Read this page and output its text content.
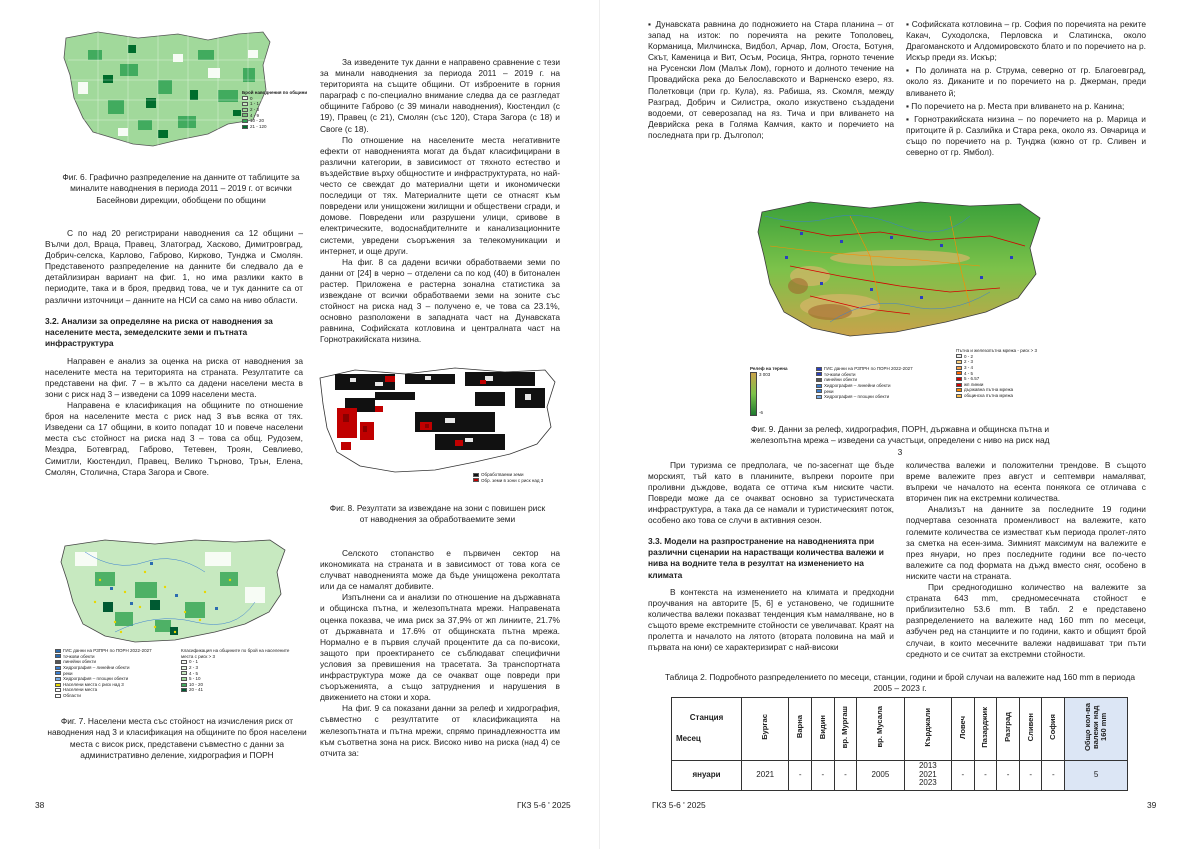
Брой наводнения по общини
0
1 - 1
2 - 3
4 - 9
10 - 20
21 - 120
Фиг. 6. Графично разпределение на данните от таблиците за миналите наводнения в периода 2011 – 2019 г. от всички Басейнови дирекции, обобщени по общини

С по над 20 регистрирани наводнения са 12 общини – Вълчи дол, Враца, Правец, Златоград, Хасково, Димитровград, Добрич-селска, Карлово, Габрово, Кирково, Тунджа и Смолян. Представеното разпределение на данните би следвало да е детайлизиран вариант на фиг. 1, но има разлики както в периодите, така и в броя, предвид това, че и тук данните са от различни източници – данните на НСИ са само на ниво области.

3.2. Анализи за определяне на риска от наводнения за населените места, земеделските земи и пътната инфраструктура

Направен е анализ за оценка на риска от наводнения за населените места на територията на страната. Резултатите са представени на фиг. 7 – в жълто са дадени населени места в зони с риск над 3 – изведени са 1099 населени места.

Направена е класификация на общините по отношение броя на населените места с риск над 3 във всяка от тях. Изведени са 17 общини, в които попадат 10 и повече населени места със стойност на риска над 3 – това са общ. Рудозем, Мездра, Ботевград, Габрово, Тетевен, Троян, Севлиево, Симитли, Кюстендил, Правец, Велико Търново, Трън, Елена, Смолян, Столична, Стара Загора и Своге.

ГИС данни на РЗПРН по ПОРН 2022-2027
точкови обекти
линейни обекти
Хидрография – линейни обекти
реки
Хидрография – площни обекти
Населени места с риск над 3
Населени места
Области
Класификация на общините по брой на населените места с риск > 3
0 - 1
2 - 3
4 - 5
5 - 10
10 - 20
20 - 41
Фиг. 7. Населени места със стойност на изчисления риск от наводнения над 3 и класификация на общините по броя населени места с висок риск, представени съвместно с данни за административно деление, хидрография и ПОРН

За изведените тук данни е направено сравнение с тези за минали наводнения за периода 2011 – 2019 г. на територията на същите общини. От изброените в горния параграф с по-специално внимание следва да се разгледат общините Габрово (с 39 минали наводнения), Кюстендил (с 19), Правец (с 21), Смолян (със 120), Стара Загора (с 18) и Своге (с 18).

По отношение на населените места негативните ефекти от наводненията могат да бъдат класифицирани в различни категории, в зависимост от тяхното естество и въздействие върху общностите и инфраструктурата, но най-честo се свеждат до материални щети и икономически последици от тях. Материалните щети се отнасят към повредени или унищожени жилищни и обществени сгради, и домове. Повредени или разрушени улици, сривове в електрическите, водоснабдителните и канализационните системи, увредени съоръжения за телекомуникации и интернет, и още други.

На фиг. 8 са дадени всички обработваеми земи по данни от [24] в черно – отделени са по код (40) в битонален растер. Приложена е растерна зонална статистика за извеждане от всички обработваеми земи на зоните със стойност на риска над 3 – получено е, че това са 23.1%, основно разположени в западната част на Дунавската равнина, Софийската котловина и централната част на Горнотракийската низина.

Обработваеми земи
Обр. земи в зони с риск над 3
Фиг. 8. Резултати за извеждане на зони с повишен риск от наводнения за обработваемите земи

Селското стопанство е първичен сектор на икономиката на страната и в зависимост от това кога се случват наводненията може да бъде унищожена реколтата или да се намалят добивите.

Изпълнени са и анализи по отношение на държавната и общинска пътна, и железопътната мрежи. Направената оценка показва, че има риск за 37,9% от жп линиите, 21.7% от държавната и 17.6% от общинската пътна мрежа. Нормално е в първия случай процентите да са по-високи, защото при проектирането се съблюдават специфични условия за превишения на трасетата. За транспортната инфраструктура може да се очакват още повреди при съоръженията, а също затруднения и нарушения в движението на стоки и хора.

На фиг. 9 са показани данни за релеф и хидрография, съвместно с резултатите от класификацията на железопътната и пътна мрежи, спрямо принадлежността им към съответна зона на риск. Високо ниво на риска (над 4) се отчита за:

38	ГКЗ 5-6 ' 2025

▪ Дунавската равнина до подножието на Стара планина – от запад на изток: по поречията на реките Тополовец, Корманица, Милчинска, Видбол, Арчар, Лом, Огоста, Ботуня, Скът, Каменица и Вит, Осъм, Росица, Янтра, горното течение на Русенски Лом (Малък Лом), горното и долното течение на Провадийска река до Белославското и Варненско езеро, яз. Полетковци (при гр. Кула), яз. Рабиша, яз. Скомля, между Разград, Добрич и Силистра, около изкуствено създадени водоеми, от северозапад на яз. Тича и при вливането на Деврийска река в Голяма Камчия, както и поречието на последната при гр. Дългопол;

▪ Софийската котловина – гр. София по поречията на реките Какач, Суходолска, Перловска и Слатинска, около Драгоманското и Алдомировското блато и по поречието на р. Искър преди яз. Искър;

▪ По долината на р. Струма, северно от гр. Благоевград, около яз. Диканите и по поречието на р. Джерман, преди вливането й;

▪ По поречието на р. Места при вливането на р. Канина;

▪ Горнотракийската низина – по поречието на р. Марица и притоците й р. Сазлийка и Стара река, около яз. Овчарица и също по поречието на р. Тунджа (южно от гр. Сливен и северно от гр. Ямбол).

Релеф на терена
3 003
-6
ГИС данни на РЗПРН по ПОРН 2022-2027
точкови обекти
линейни обекти
Хидрография – линейни обекти
реки
Хидрография – площни обекти
Пътна и железопътна мрежа - риск > 3
0 - 2
2 - 3
3 - 4
4 - 5
5 - 6.57
жп линии
държавна пътна мрежа
общинска пътна мрежа
Фиг. 9. Данни за релеф, хидрография, ПОРН, държавна и общинска пътна и железопътна мрежа – изведени са участъци, определени с ниво на риск над 3

При туризма се предполага, че по-засегнат ще бъде морският, тъй като в планините, въпреки пороите при проливни дъждове, водата се оттича към ниските части. Повреди може да се очакват основно за туристическата инфраструктура, а така да се намали и туристическият поток, особено ако това се случи в активния сезон.

3.3. Модели на разпространение на наводненията при различни сценарии на нарастващи количества валежи и нива на водните тела в резултат на изменението на климата

В контекста на изменението на климата и предходни проучвания на авторите [5, 6] е установено, че годишните количества валежи показват тенденция към намаляване, но в същото време екстремните стойности се увеличават. Краят на пролетта и началото на лятото (втората половина на май и първата на юни) се характеризират с най-високи

количества валежи и положителни трендове. В същото време валежите през август и септември намаляват, въпреки че началото на есента понякога се отличава с вторичен пик на екстремни количества.

Анализът на данните за последните 19 години подчертава сезонната променливост на валежите, като големите количества се изместват към периода пролет-лято за сметка на есен-зима. Зимният максимум на валежите е през януари, но през последните години все по-често валежите са под формата на дъжд вместо сняг, особено в ниските части на страната.

При средногодишно количество на валежите за страната 643 mm, средномесечната стойност е приблизително 53.6 mm. В табл. 2 е представено разпределението на валежите над 160 mm по месеци, азбучен ред на станциите и по години, както и общият брой случаи, в които месечните валежи надвишават три пъти средното и се считат за екстремни стойности.

Таблица 2. Подробното разпределението по месеци, станции, години и брой случаи на валежите над 160 mm в периода 2005 – 2023 г.
Станция
Месец	Бургас	Варна	Видин	вр. Мургаш	вр. Мусала	Кърджали	Ловеч	Пазарджик	Разград	Сливен	София	Общо кол-ва валежи над 160 mm
януари	2021	-	-	-	2005	2013
2021
2023	-	-	-	-	-	5
ГКЗ 5-6 ' 2025	39
